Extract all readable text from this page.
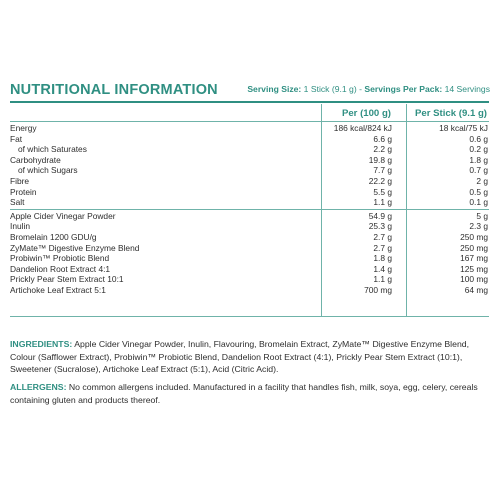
NUTRITIONAL INFORMATION	Serving Size: 1 Stick (9.1 g) - Servings Per Pack: 14 Servings
Per (100 g)	Per Stick (9.1 g)
Energy	186 kcal/824 kJ	18 kcal/75 kJ
Fat	6.6 g	0.6 g
of which Saturates	2.2 g	0.2 g
Carbohydrate	19.8 g	1.8 g
of which Sugars	7.7 g	0.7 g
Fibre	22.2 g	2 g
Protein	5.5 g	0.5 g
Salt	1.1 g	0.1 g
Apple Cider Vinegar Powder	54.9 g	5 g
Inulin	25.3 g	2.3 g
Bromelain 1200 GDU/g	2.7 g	250 mg
ZyMate™ Digestive Enzyme Blend	2.7 g	250 mg
Probiwin™ Probiotic Blend	1.8 g	167 mg
Dandelion Root Extract 4:1	1.4 g	125 mg
Prickly Pear Stem Extract 10:1	1.1 g	100 mg
Artichoke Leaf Extract 5:1	700 mg	64 mg
INGREDIENTS: Apple Cider Vinegar Powder, Inulin, Flavouring, Bromelain Extract, ZyMate™ Digestive Enzyme Blend, Colour (Safflower Extract), Probiwin™ Probiotic Blend, Dandelion Root Extract (4:1), Prickly Pear Stem Extract (10:1), Sweetener (Sucralose), Artichoke Leaf Extract (5:1), Acid (Citric Acid).
ALLERGENS: No common allergens included. Manufactured in a facility that handles fish, milk, soya, egg, celery, cereals containing gluten and products thereof.
